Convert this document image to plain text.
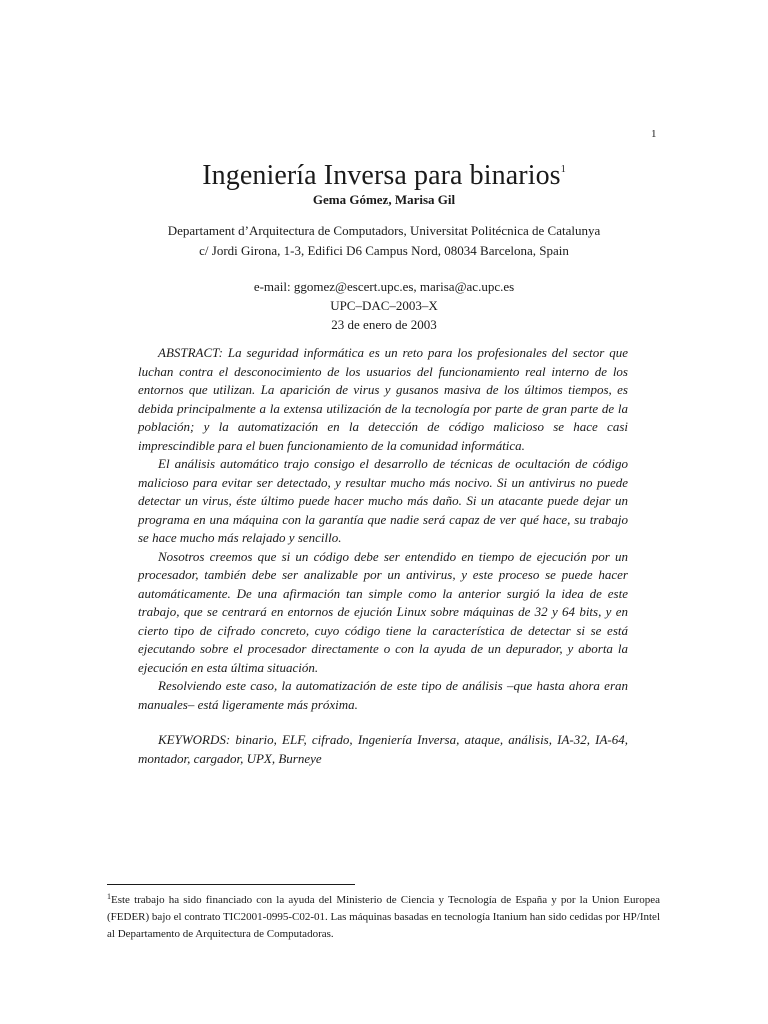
1
Ingeniería Inversa para binarios$^1$
Gema Gómez, Marisa Gil
Departament d’Arquitectura de Computadors, Universitat Politécnica de Catalunya
c/ Jordi Girona, 1-3, Edifici D6 Campus Nord, 08034 Barcelona, Spain
e-mail: ggomez@escert.upc.es, marisa@ac.upc.es
UPC–DAC–2003–X
23 de enero de 2003

ABSTRACT: La seguridad informática es un reto para los profesionales del sector que luchan contra el desconocimiento de los usuarios del funcionamiento real interno de los entornos que utilizan. La aparición de virus y gusanos masiva de los últimos tiempos, es debida principalmente a la extensa utilización de la tecnología por parte de gran parte de la población; y la automatización en la detección de código malicioso se hace casi imprescindible para el buen funcionamiento de la comunidad informática.

El análisis automático trajo consigo el desarrollo de técnicas de ocultación de código malicioso para evitar ser detectado, y resultar mucho más nocivo. Si un antivirus no puede detectar un virus, éste último puede hacer mucho más daño. Si un atacante puede dejar un programa en una máquina con la garantía que nadie será capaz de ver qué hace, su trabajo se hace mucho más relajado y sencillo.

Nosotros creemos que si un código debe ser entendido en tiempo de ejecución por un procesador, también debe ser analizable por un antivirus, y este proceso se puede hacer automáticamente. De una afirmación tan simple como la anterior surgió la idea de este trabajo, que se centrará en entornos de ejución Linux sobre máquinas de 32 y 64 bits, y en cierto tipo de cifrado concreto, cuyo código tiene la característica de detectar si se está ejecutando sobre el procesador directamente o con la ayuda de un depurador, y aborta la ejecución en esta última situación.

Resolviendo este caso, la automatización de este tipo de análisis –que hasta ahora eran manuales– está ligeramente más próxima.

KEYWORDS: binario, ELF, cifrado, Ingeniería Inversa, ataque, análisis, IA-32, IA-64, montador, cargador, UPX, Burneye
$^1$Este trabajo ha sido financiado con la ayuda del Ministerio de Ciencia y Tecnología de España y por la Union Europea (FEDER) bajo el contrato TIC2001-0995-C02-01. Las máquinas basadas en tecnología Itanium han sido cedidas por HP/Intel al Departamento de Arquitectura de Computadoras.
